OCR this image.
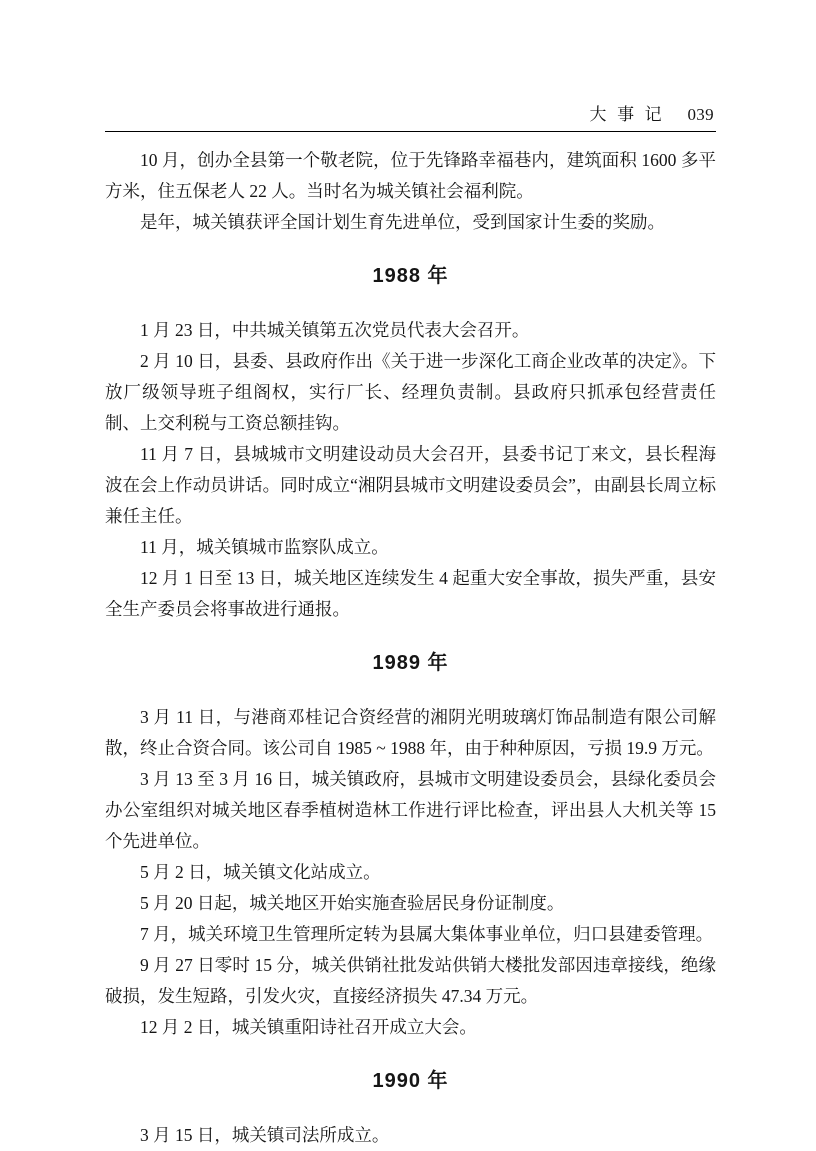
大事记 039

10 月，创办全县第一个敬老院，位于先锋路幸福巷内，建筑面积 1600 多平方米，住五保老人 22 人。当时名为城关镇社会福利院。

是年，城关镇获评全国计划生育先进单位，受到国家计生委的奖励。

1988 年

1 月 23 日，中共城关镇第五次党员代表大会召开。

2 月 10 日，县委、县政府作出《关于进一步深化工商企业改革的决定》。下放厂级领导班子组阁权，实行厂长、经理负责制。县政府只抓承包经营责任制、上交利税与工资总额挂钩。

11 月 7 日，县城城市文明建设动员大会召开，县委书记丁来文，县长程海波在会上作动员讲话。同时成立“湘阴县城市文明建设委员会”，由副县长周立标兼任主任。

11 月，城关镇城市监察队成立。

12 月 1 日至 13 日，城关地区连续发生 4 起重大安全事故，损失严重，县安全生产委员会将事故进行通报。

1989 年

3 月 11 日，与港商邓桂记合资经营的湘阴光明玻璃灯饰品制造有限公司解散，终止合资合同。该公司自 1985 ~ 1988 年，由于种种原因，亏损 19.9 万元。

3 月 13 至 3 月 16 日，城关镇政府，县城市文明建设委员会，县绿化委员会办公室组织对城关地区春季植树造林工作进行评比检查，评出县人大机关等 15 个先进单位。

5 月 2 日，城关镇文化站成立。

5 月 20 日起，城关地区开始实施查验居民身份证制度。

7 月，城关环境卫生管理所定转为县属大集体事业单位，归口县建委管理。

9 月 27 日零时 15 分，城关供销社批发站供销大楼批发部因违章接线，绝缘破损，发生短路，引发火灾，直接经济损失 47.34 万元。

12 月 2 日，城关镇重阳诗社召开成立大会。

1990 年

3 月 15 日，城关镇司法所成立。
